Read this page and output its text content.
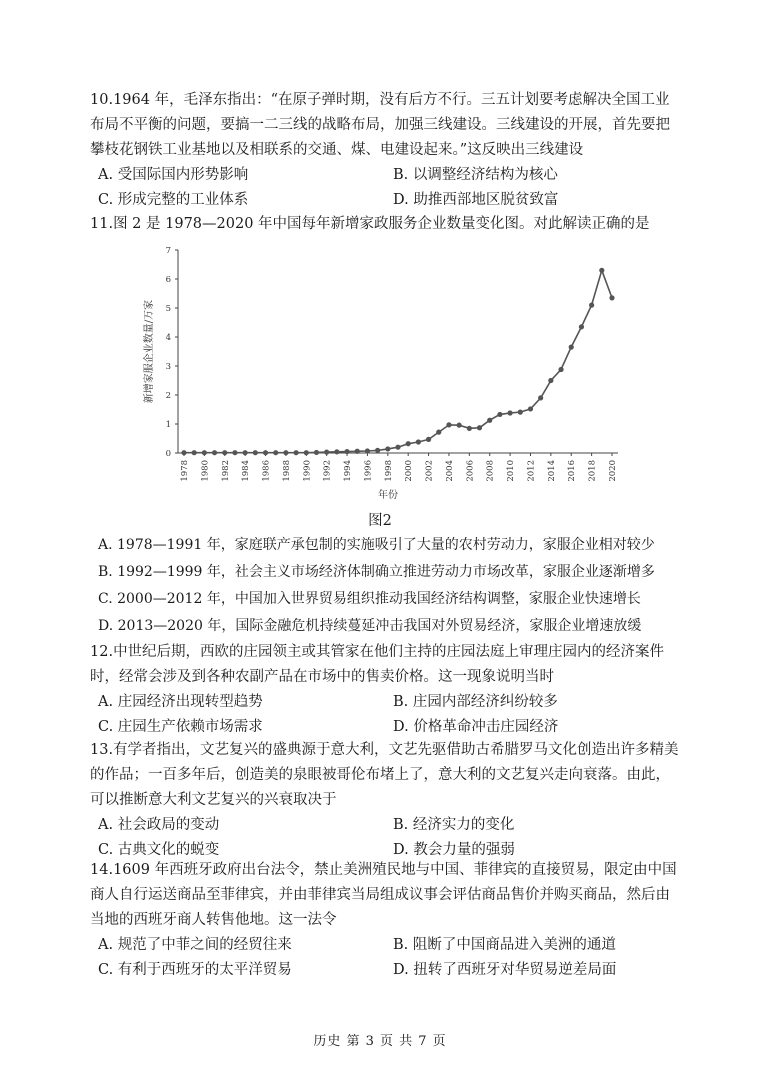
10.1964 年，毛泽东指出：“在原子弹时期，没有后方不行。三五计划要考虑解决全国工业布局不平衡的问题，要搞一二三线的战略布局，加强三线建设。三线建设的开展，首先要把攀枝花钢铁工业基地以及相联系的交通、煤、电建设起来。”这反映出三线建设

A. 受国际国内形势影响	B. 以调整经济结构为核心
C. 形成完整的工业体系	D. 助推西部地区脱贫致富

11.图 2 是 1978—2020 年中国每年新增家政服务企业数量变化图。对此解读正确的是

0
1
2
3
4
5
6
7
1978 1980 1982 1984 1986 1988 1990 1992 1994 1996 1998 2000 2002 2004 2006 2008 2010 2012 2014 2016 2018 2020
新增家服企业数量/万家
年份
图2
A. 1978—1991 年，家庭联产承包制的实施吸引了大量的农村劳动力，家服企业相对较少
B. 1992—1999 年，社会主义市场经济体制确立推进劳动力市场改革，家服企业逐渐增多
C. 2000—2012 年，中国加入世界贸易组织推动我国经济结构调整，家服企业快速增长
D. 2013—2020 年，国际金融危机持续蔓延冲击我国对外贸易经济，家服企业增速放缓

12.中世纪后期，西欧的庄园领主或其管家在他们主持的庄园法庭上审理庄园内的经济案件时，经常会涉及到各种农副产品在市场中的售卖价格。这一现象说明当时

A. 庄园经济出现转型趋势	B. 庄园内部经济纠纷较多
C. 庄园生产依赖市场需求	D. 价格革命冲击庄园经济

13.有学者指出，文艺复兴的盛典源于意大利，文艺先驱借助古希腊罗马文化创造出许多精美的作品；一百多年后，创造美的泉眼被哥伦布堵上了，意大利的文艺复兴走向衰落。由此，可以推断意大利文艺复兴的兴衰取决于

A. 社会政局的变动	B. 经济实力的变化
C. 古典文化的蜕变	D. 教会力量的强弱

14.1609 年西班牙政府出台法令，禁止美洲殖民地与中国、菲律宾的直接贸易，限定由中国商人自行运送商品至菲律宾，并由菲律宾当局组成议事会评估商品售价并购买商品，然后由当地的西班牙商人转售他地。这一法令

A. 规范了中菲之间的经贸往来	B. 阻断了中国商品进入美洲的通道
C. 有利于西班牙的太平洋贸易	D. 扭转了西班牙对华贸易逆差局面
历史 第 3 页 共 7 页
